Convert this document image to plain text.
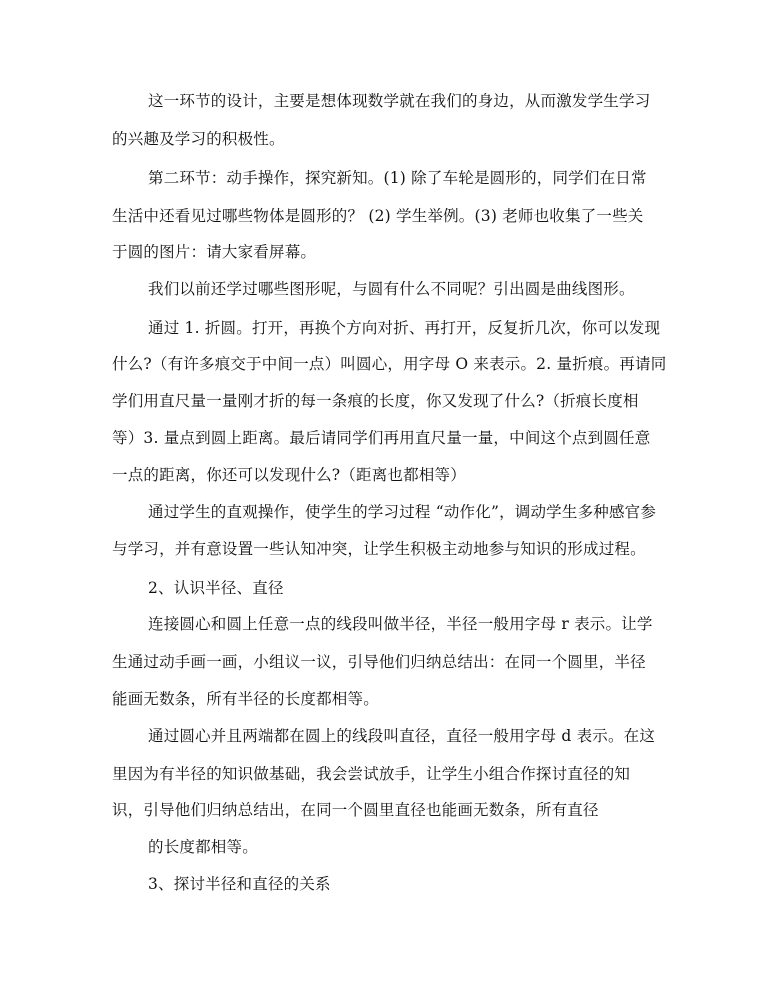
这一环节的设计，主要是想体现数学就在我们的身边，从而激发学生学习
的兴趣及学习的积极性。
第二环节：动手操作，探究新知。(1) 除了车轮是圆形的，同学们在日常
生活中还看见过哪些物体是圆形的？ (2) 学生举例。(3) 老师也收集了一些关
于圆的图片：请大家看屏幕。
我们以前还学过哪些图形呢，与圆有什么不同呢？引出圆是曲线图形。
通过 1. 折圆。打开，再换个方向对折、再打开，反复折几次，你可以发现
什么?（有许多痕交于中间一点）叫圆心，用字母 O 来表示。2. 量折痕。再请同
学们用直尺量一量刚才折的每一条痕的长度，你又发现了什么?（折痕长度相
等）3. 量点到圆上距离。最后请同学们再用直尺量一量，中间这个点到圆任意
一点的距离，你还可以发现什么?（距离也都相等）
通过学生的直观操作，使学生的学习过程 “动作化”，调动学生多种感官参
与学习，并有意设置一些认知冲突，让学生积极主动地参与知识的形成过程。
2、认识半径、直径
连接圆心和圆上任意一点的线段叫做半径，半径一般用字母 r 表示。让学
生通过动手画一画，小组议一议，引导他们归纳总结出：在同一个圆里，半径
能画无数条，所有半径的长度都相等。
通过圆心并且两端都在圆上的线段叫直径，直径一般用字母 d 表示。在这
里因为有半径的知识做基础，我会尝试放手，让学生小组合作探讨直径的知
识，引导他们归纳总结出，在同一个圆里直径也能画无数条，所有直径
的长度都相等。
3、探讨半径和直径的关系
